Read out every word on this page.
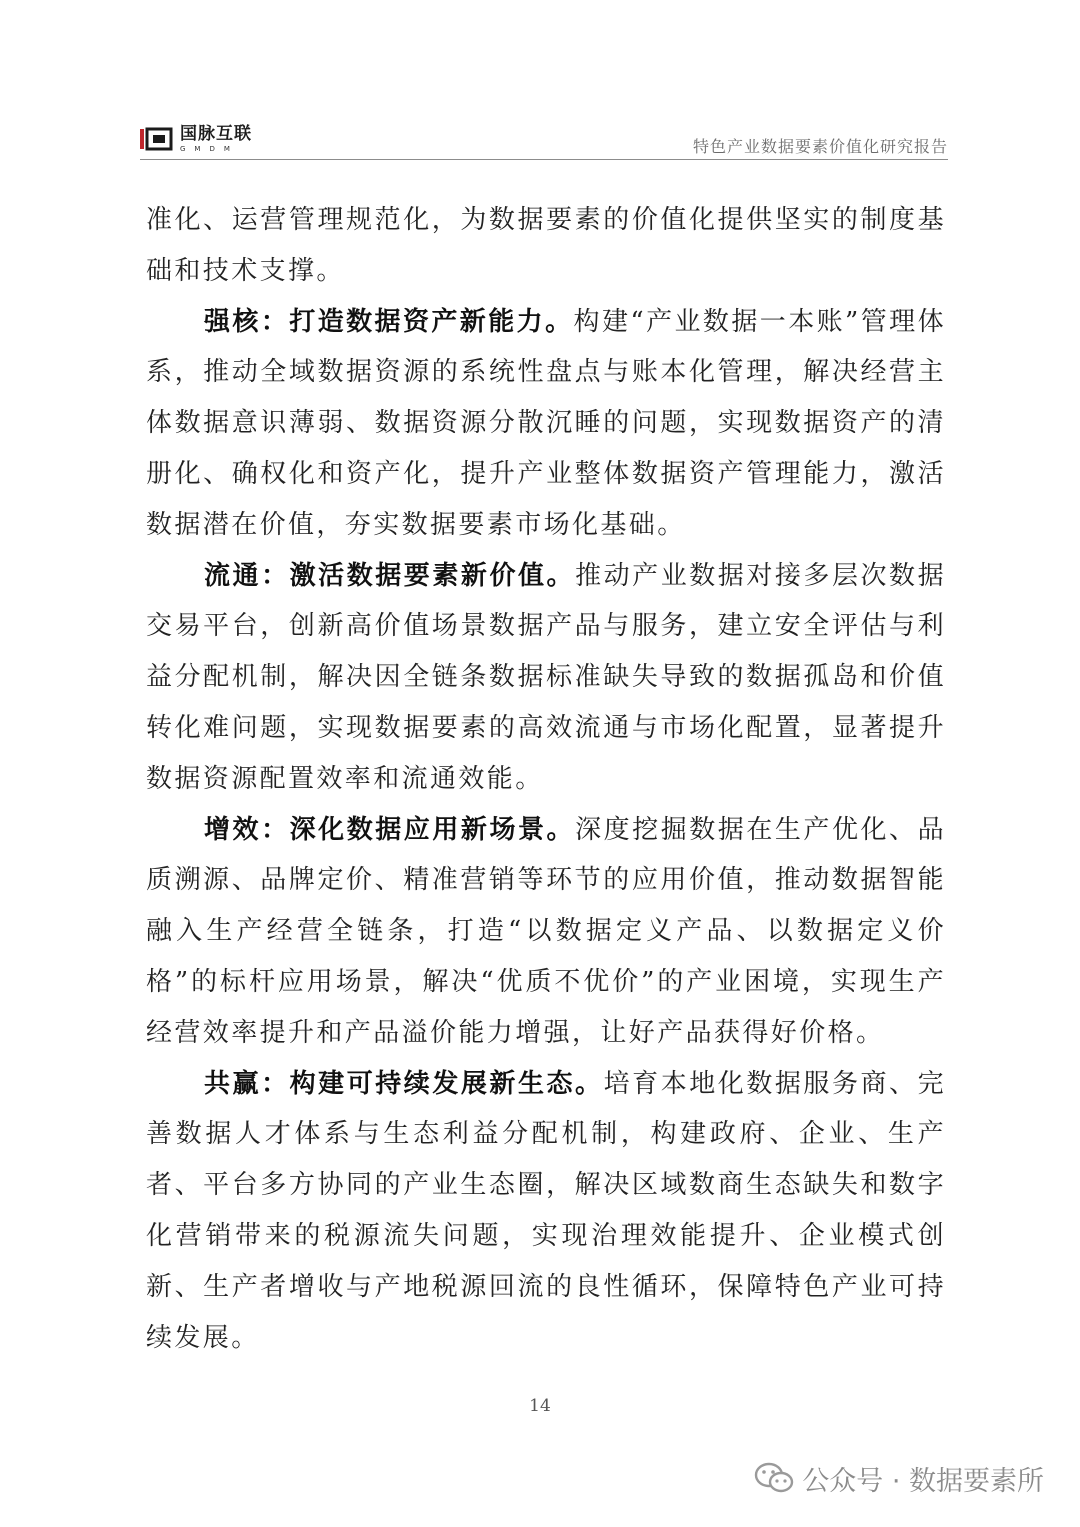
国脉互联
GMDM	特色产业数据要素价值化研究报告

准化、运营管理规范化，为数据要素的价值化提供坚实的制度基础和技术支撑。

强核：打造数据资产新能力。构建“产业数据一本账”管理体系，推动全域数据资源的系统性盘点与账本化管理，解决经营主体数据意识薄弱、数据资源分散沉睡的问题，实现数据资产的清册化、确权化和资产化，提升产业整体数据资产管理能力，激活数据潜在价值，夯实数据要素市场化基础。

流通：激活数据要素新价值。推动产业数据对接多层次数据交易平台，创新高价值场景数据产品与服务，建立安全评估与利益分配机制，解决因全链条数据标准缺失导致的数据孤岛和价值转化难问题，实现数据要素的高效流通与市场化配置，显著提升数据资源配置效率和流通效能。

增效：深化数据应用新场景。深度挖掘数据在生产优化、品质溯源、品牌定价、精准营销等环节的应用价值，推动数据智能融入生产经营全链条，打造“以数据定义产品、以数据定义价格”的标杆应用场景，解决“优质不优价”的产业困境，实现生产经营效率提升和产品溢价能力增强，让好产品获得好价格。

共赢：构建可持续发展新生态。培育本地化数据服务商、完善数据人才体系与生态利益分配机制，构建政府、企业、生产者、平台多方协同的产业生态圈，解决区域数商生态缺失和数字化营销带来的税源流失问题，实现治理效能提升、企业模式创新、生产者增收与产地税源回流的良性循环，保障特色产业可持续发展。

14
公众号 · 数据要素所
